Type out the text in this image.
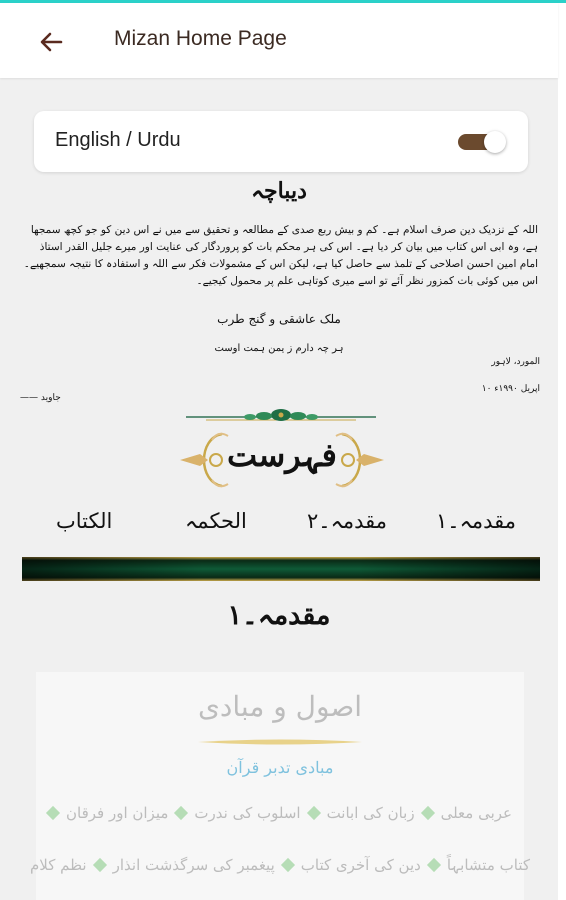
Mizan Home Page
English / Urdu
دیباچہ
اللہ کے نزدیک دین صرف اسلام ہے۔ کم و بیش ربع صدی کے مطالعہ و تحقیق سے میں نے اس دین کو جو کچھ سمجھا ہے، وہ ابی اس کتاب میں بیان کر دیا ہے۔ اس کی ہر محکم بات کو پروردگار کی عنایت اور میرے جلیل القدر استاذ امام امین احسن اصلاحی کے تلمذ سے حاصل کیا ہے، لیکن اس کے مشمولات فکر سے اللہ و استفادہ کا نتیجہ سمجھیے۔ اس میں کوئی بات کمزور نظر آئے تو اسے میری کوتاہی علم پر محمول کیجیے۔
ملک عاشقی و گنج طرب
ہر چہ دارم ز یمن ہمت اوست
المورد، لاہور
۱۰ اپریل ۱۹۹۰ء
—— جاوید
فہرست
مقدمہ۔۱
مقدمہ۔۲
الحکمہ
الکتاب
مقدمہ۔۱
اصول و مبادی
مبادی تدبر قرآن
عربی معلی
زبان کی ابانت
اسلوب کی ندرت
میزان اور فرقان
کتاب متشابہاً
دین کی آخری کتاب
پیغمبر کی سرگذشت انذار
نظم کلام
